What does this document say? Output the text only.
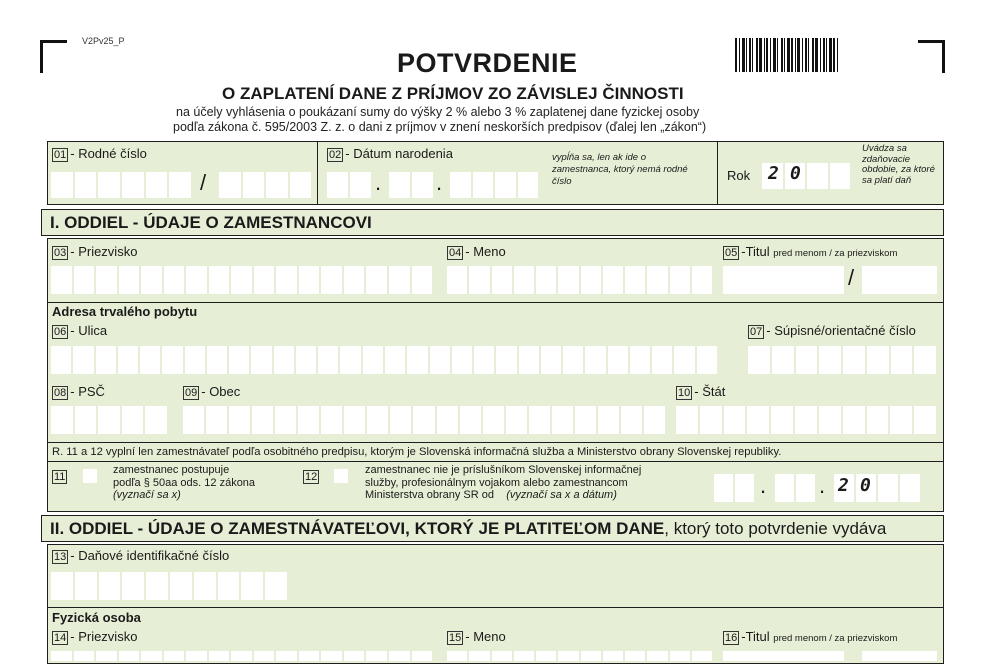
V2Pv25_P
POTVRDENIE
O ZAPLATENÍ DANE Z PRÍJMOV ZO ZÁVISLEJ ČINNOSTI
na účely vyhlásenia o poukázaní sumy do výšky 2 % alebo 3 % zaplatenej dane fyzickej osoby
podľa zákona č. 595/2003 Z. z. o dani z príjmov v znení neskorších predpisov (ďalej len „zákon“)
01 - Rodné číslo
/
02 - Dátum narodenia
. .
vypĺňa sa, len ak ide o zamestnanca, ktorý nemá rodné číslo	Rok 2 0
Uvádza sa zdaňovacie obdobie, za ktoré sa platí daň
I. ODDIEL - ÚDAJE O ZAMESTNANCOVI
03 - Priezvisko	04 - Meno	05 -Titul pred menom / za priezviskom
/
Adresa trvalého pobytu
06 - Ulica	07 - Súpisné/orientačné číslo
08 - PSČ	09 - Obec	10 - Štát
R. 11 a 12 vyplní len zamestnávateľ podľa osobitného predpisu, ktorým je Slovenská informačná služba a Ministerstvo obrany Slovenskej republiky.
11
zamestnanec postupuje
podľa § 50aa ods. 12 zákona
(vyznačí sa x)
12
zamestnanec nie je príslušníkom Slovenskej informačnej
služby, profesionálnym vojakom alebo zamestnancom
Ministerstva obrany SR od (vyznačí sa x a dátum)	. . 2 0
II. ODDIEL - ÚDAJE O ZAMESTNÁVATEĽOVI, KTORÝ JE PLATITEĽOM DANE, ktorý toto potvrdenie vydáva
13 - Daňové identifikačné číslo
Fyzická osoba
14 - Priezvisko	15 - Meno	16 -Titul pred menom / za priezviskom
